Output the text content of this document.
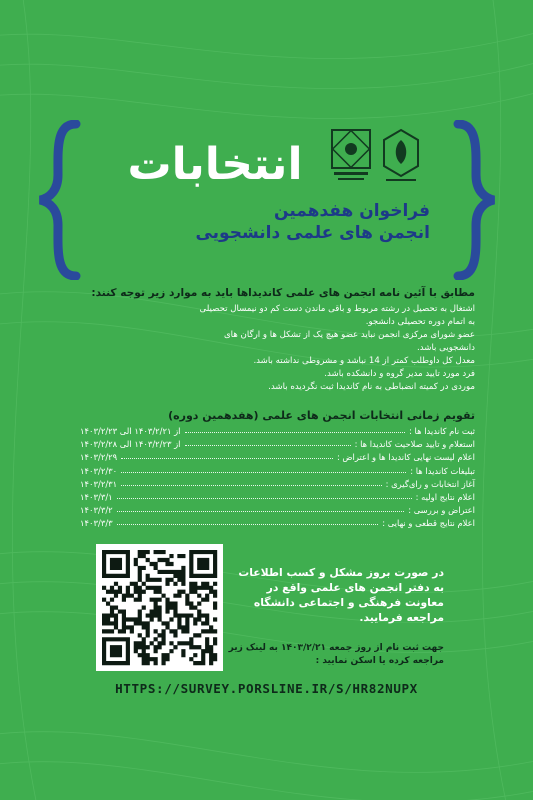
انتخابات
فراخوان هفدهمین
انجمن های علمی دانشجویی
مطابق با آئین نامه انجمن های علمی کاندیداها باید به موارد زیر توجه کنند:
اشتغال به تحصیل در رشته مربوط و باقی ماندن دست کم دو نیمسال تحصیلی
به اتمام دوره تحصیلی دانشجو.
عضو شورای مرکزی انجمن نباید عضو هیچ یک از تشکل ها و ارگان های
دانشجویی باشد.
معدل کل داوطلب کمتر از 14 نباشد و مشروطی نداشته باشد.
فرد مورد تایید مدیر گروه و دانشکده باشد.
موردی در کمیته انضباطی به نام کاندیدا ثبت نگردیده باشد.
تقویم زمانی انتخابات انجمن های علمی (هفدهمین دوره)
از ۱۴۰۳/۲/۲۱ الی ۱۴۰۳/۲/۲۳	ثبت نام کاندیدا ها :
از ۱۴۰۳/۲/۲۳ الی ۱۴۰۳/۲/۲۸	استعلام و تایید صلاحیت کاندیدا ها :
۱۴۰۳/۲/۲۹	اعلام لیست نهایی کاندیدا ها و اعتراض :
۱۴۰۳/۲/۳۰	تبلیغات کاندیدا ها :
۱۴۰۳/۲/۳۱	آغاز انتخابات و رای‌گیری :
۱۴۰۳/۳/۱	اعلام نتایج اولیه :
۱۴۰۳/۳/۲	اعتراض و بررسی :
۱۴۰۳/۳/۳	اعلام نتایج قطعی و نهایی :
در صورت بروز مشکل و کسب اطلاعات به دفتر انجمن های علمی واقع در معاونت فرهنگی و اجتماعی دانشگاه مراجعه فرمایید.
جهت ثبت نام از روز جمعه ۱۴۰۳/۲/۲۱ به لینک زیر مراجعه کرده یا اسکن نمایید :
HTTPS://SURVEY.PORSLINE.IR/S/HR82NUPX
